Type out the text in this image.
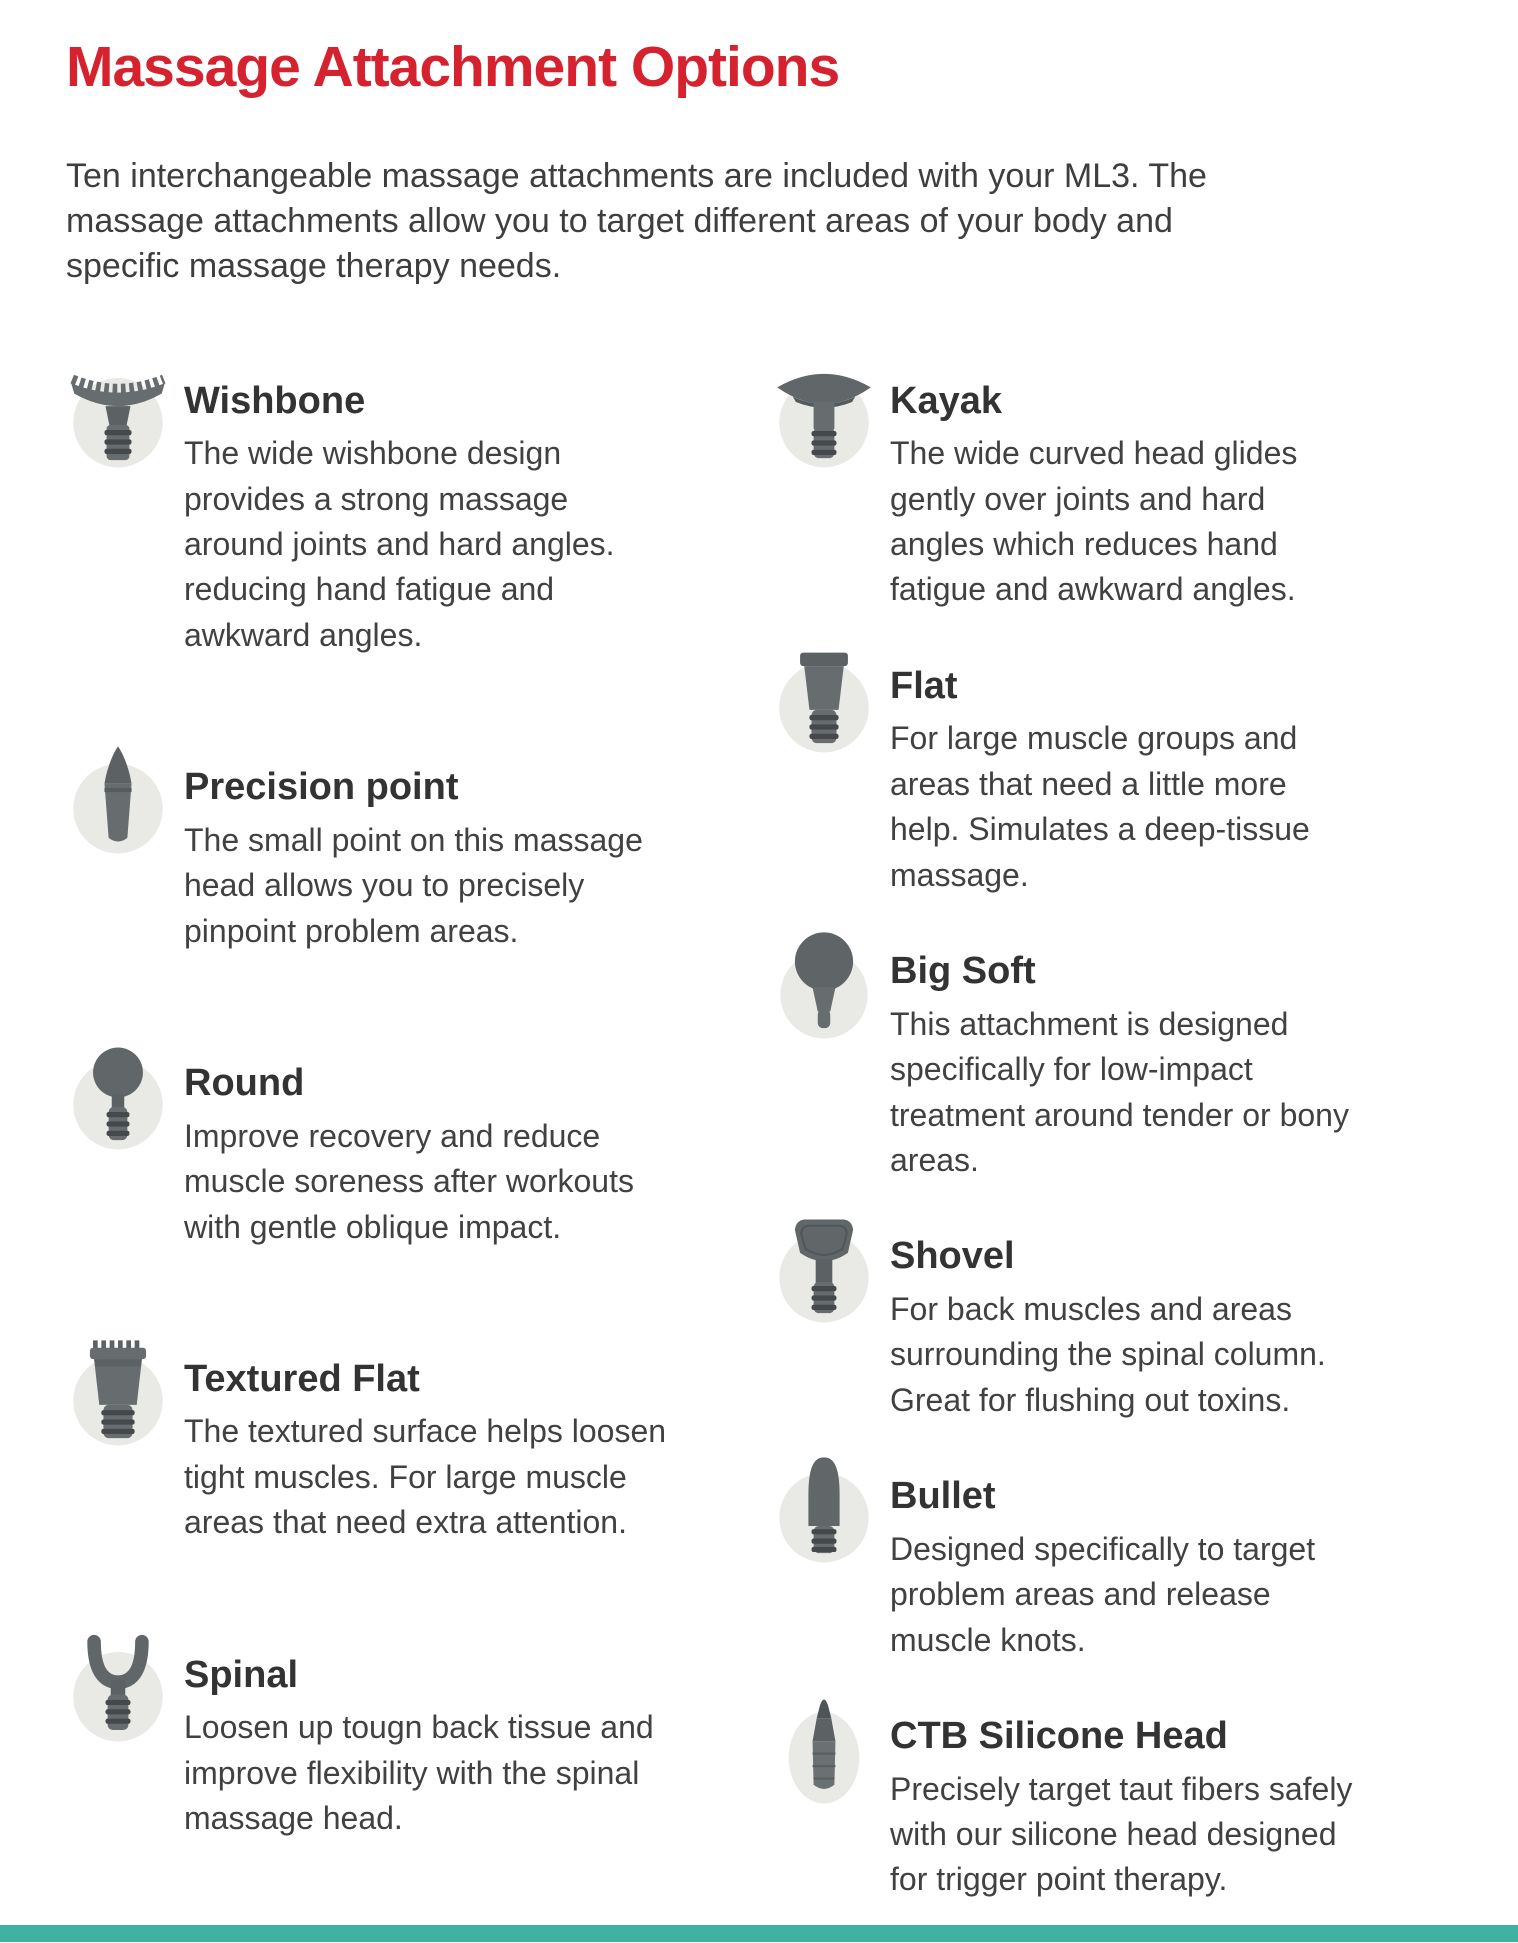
Massage Attachment Options

Ten interchangeable massage attachments are included with your ML3. The massage attachments allow you to target different areas of your body and specific massage therapy needs.

Wishbone

The wide wishbone design provides a strong massage around joints and hard angles. reducing hand fatigue and awkward angles.

Precision point

The small point on this massage head allows you to precisely pinpoint problem areas.

Round

Improve recovery and reduce muscle soreness after workouts with gentle oblique impact.

Textured Flat

The textured surface helps loosen tight muscles. For large muscle areas that need extra attention.

Spinal

Loosen up tougn back tissue and improve flexibility with the spinal massage head.

Kayak

The wide curved head glides gently over joints and hard angles which reduces hand fatigue and awkward angles.

Flat

For large muscle groups and areas that need a little more help. Simulates a deep-tissue massage.

Big Soft

This attachment is designed specifically for low-impact treatment around tender or bony areas.

Shovel

For back muscles and areas surrounding the spinal column. Great for flushing out toxins.

Bullet

Designed specifically to target problem areas and release muscle knots.

CTB Silicone Head

Precisely target taut fibers safely with our silicone head designed for trigger point therapy.
